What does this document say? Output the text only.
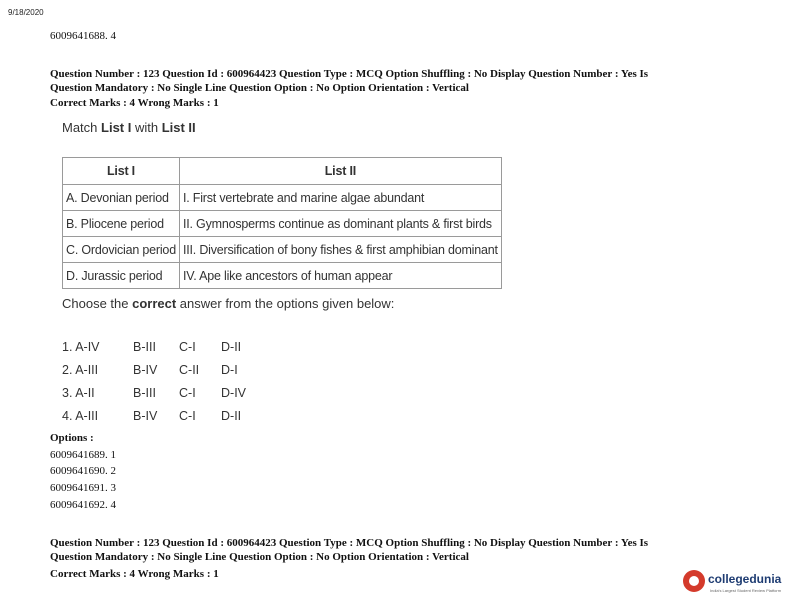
9/18/2020
6009641688. 4
Question Number : 123 Question Id : 600964423 Question Type : MCQ Option Shuffling : No Display Question Number : Yes Is
Question Mandatory : No Single Line Question Option : No Option Orientation : Vertical
Correct Marks : 4 Wrong Marks : 1
Match List I with List II
List I	List II
A. Devonian period	I. First vertebrate and marine algae abundant
B. Pliocene period	II. Gymnosperms continue as dominant plants & first birds
C. Ordovician period	III. Diversification of bony fishes & first amphibian dominant
D. Jurassic period	IV. Ape like ancestors of human appear
Choose the correct answer from the options given below:
1. A-IV	B-III C-I D-II
2. A-III	B-IV C-II D-I
3. A-II	B-III C-I D-IV
4. A-III	B-IV C-I D-II
Options :
6009641689. 1
6009641690. 2
6009641691. 3
6009641692. 4
Question Number : 123 Question Id : 600964423 Question Type : MCQ Option Shuffling : No Display Question Number : Yes Is
Question Mandatory : No Single Line Question Option : No Option Orientation : Vertical
Correct Marks : 4 Wrong Marks : 1	collegedunia
India's Largest Student Review Platform
